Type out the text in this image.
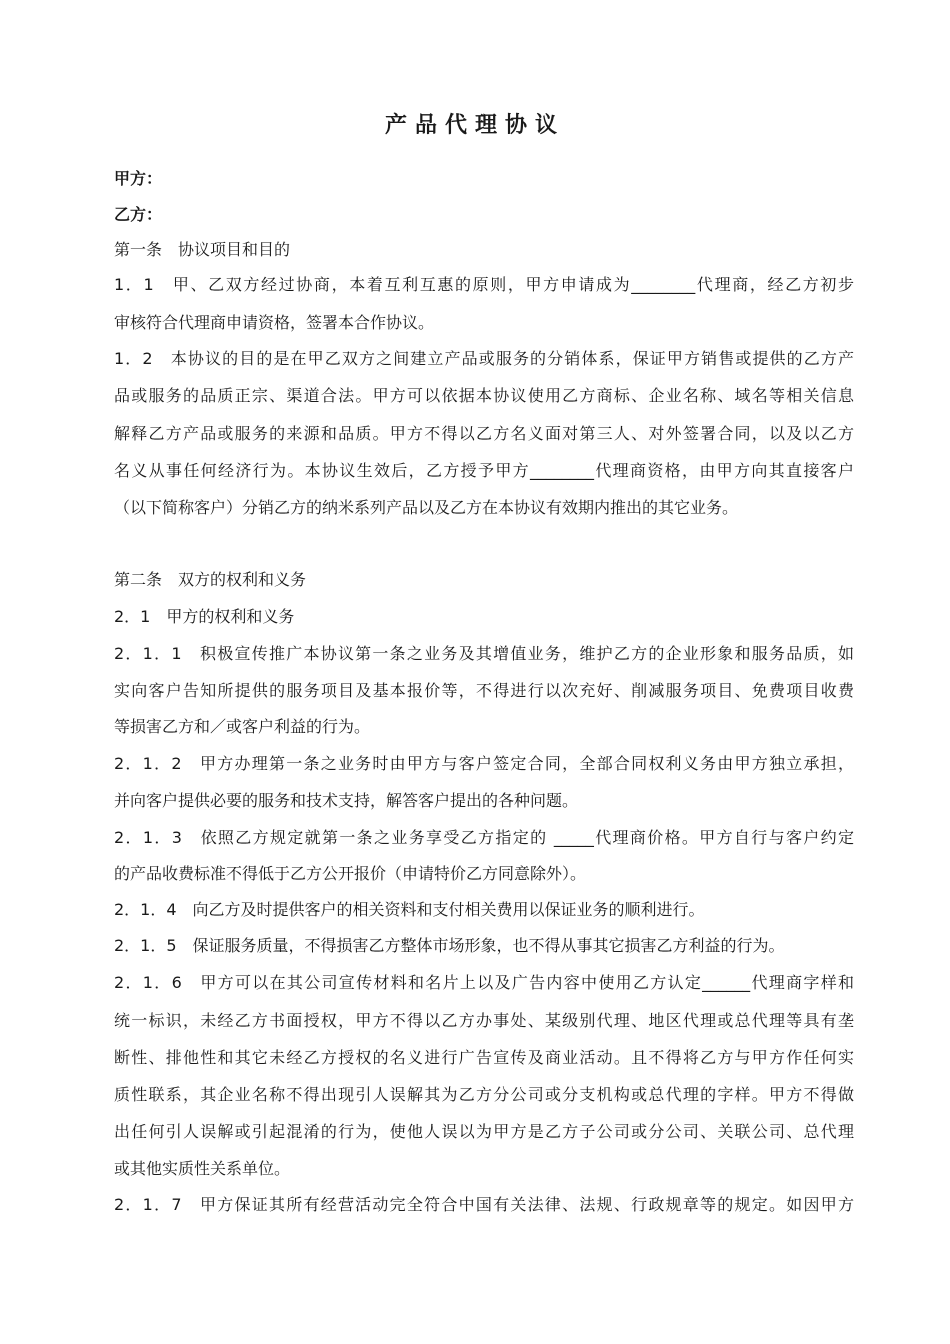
产品代理协议

甲方：

乙方：

第一条　协议项目和目的

1．1　甲、乙双方经过协商，本着互利互惠的原则，甲方申请成为________代理商，经乙方初步

审核符合代理商申请资格，签署本合作协议。

1．2　本协议的目的是在甲乙双方之间建立产品或服务的分销体系，保证甲方销售或提供的乙方产

品或服务的品质正宗、渠道合法。甲方可以依据本协议使用乙方商标、企业名称、域名等相关信息

解释乙方产品或服务的来源和品质。甲方不得以乙方名义面对第三人、对外签署合同，以及以乙方

名义从事任何经济行为。本协议生效后，乙方授予甲方________代理商资格，由甲方向其直接客户

（以下简称客户）分销乙方的纳米系列产品以及乙方在本协议有效期内推出的其它业务。

第二条　双方的权利和义务

2．1　甲方的权利和义务

2．1．1　积极宣传推广本协议第一条之业务及其增值业务，维护乙方的企业形象和服务品质，如

实向客户告知所提供的服务项目及基本报价等，不得进行以次充好、削减服务项目、免费项目收费

等损害乙方和／或客户利益的行为。

2．1．2　甲方办理第一条之业务时由甲方与客户签定合同，全部合同权利义务由甲方独立承担，

并向客户提供必要的服务和技术支持，解答客户提出的各种问题。

2．1．3　依照乙方规定就第一条之业务享受乙方指定的 _____代理商价格。甲方自行与客户约定

的产品收费标准不得低于乙方公开报价（申请特价乙方同意除外）。

2．1．4　向乙方及时提供客户的相关资料和支付相关费用以保证业务的顺利进行。

2．1．5　保证服务质量，不得损害乙方整体市场形象，也不得从事其它损害乙方利益的行为。

2．1．6　甲方可以在其公司宣传材料和名片上以及广告内容中使用乙方认定______代理商字样和

统一标识，未经乙方书面授权，甲方不得以乙方办事处、某级别代理、地区代理或总代理等具有垄

断性、排他性和其它未经乙方授权的名义进行广告宣传及商业活动。且不得将乙方与甲方作任何实

质性联系，其企业名称不得出现引人误解其为乙方分公司或分支机构或总代理的字样。甲方不得做

出任何引人误解或引起混淆的行为，使他人误以为甲方是乙方子公司或分公司、关联公司、总代理

或其他实质性关系单位。

2．1．7　甲方保证其所有经营活动完全符合中国有关法律、法规、行政规章等的规定。如因甲方
